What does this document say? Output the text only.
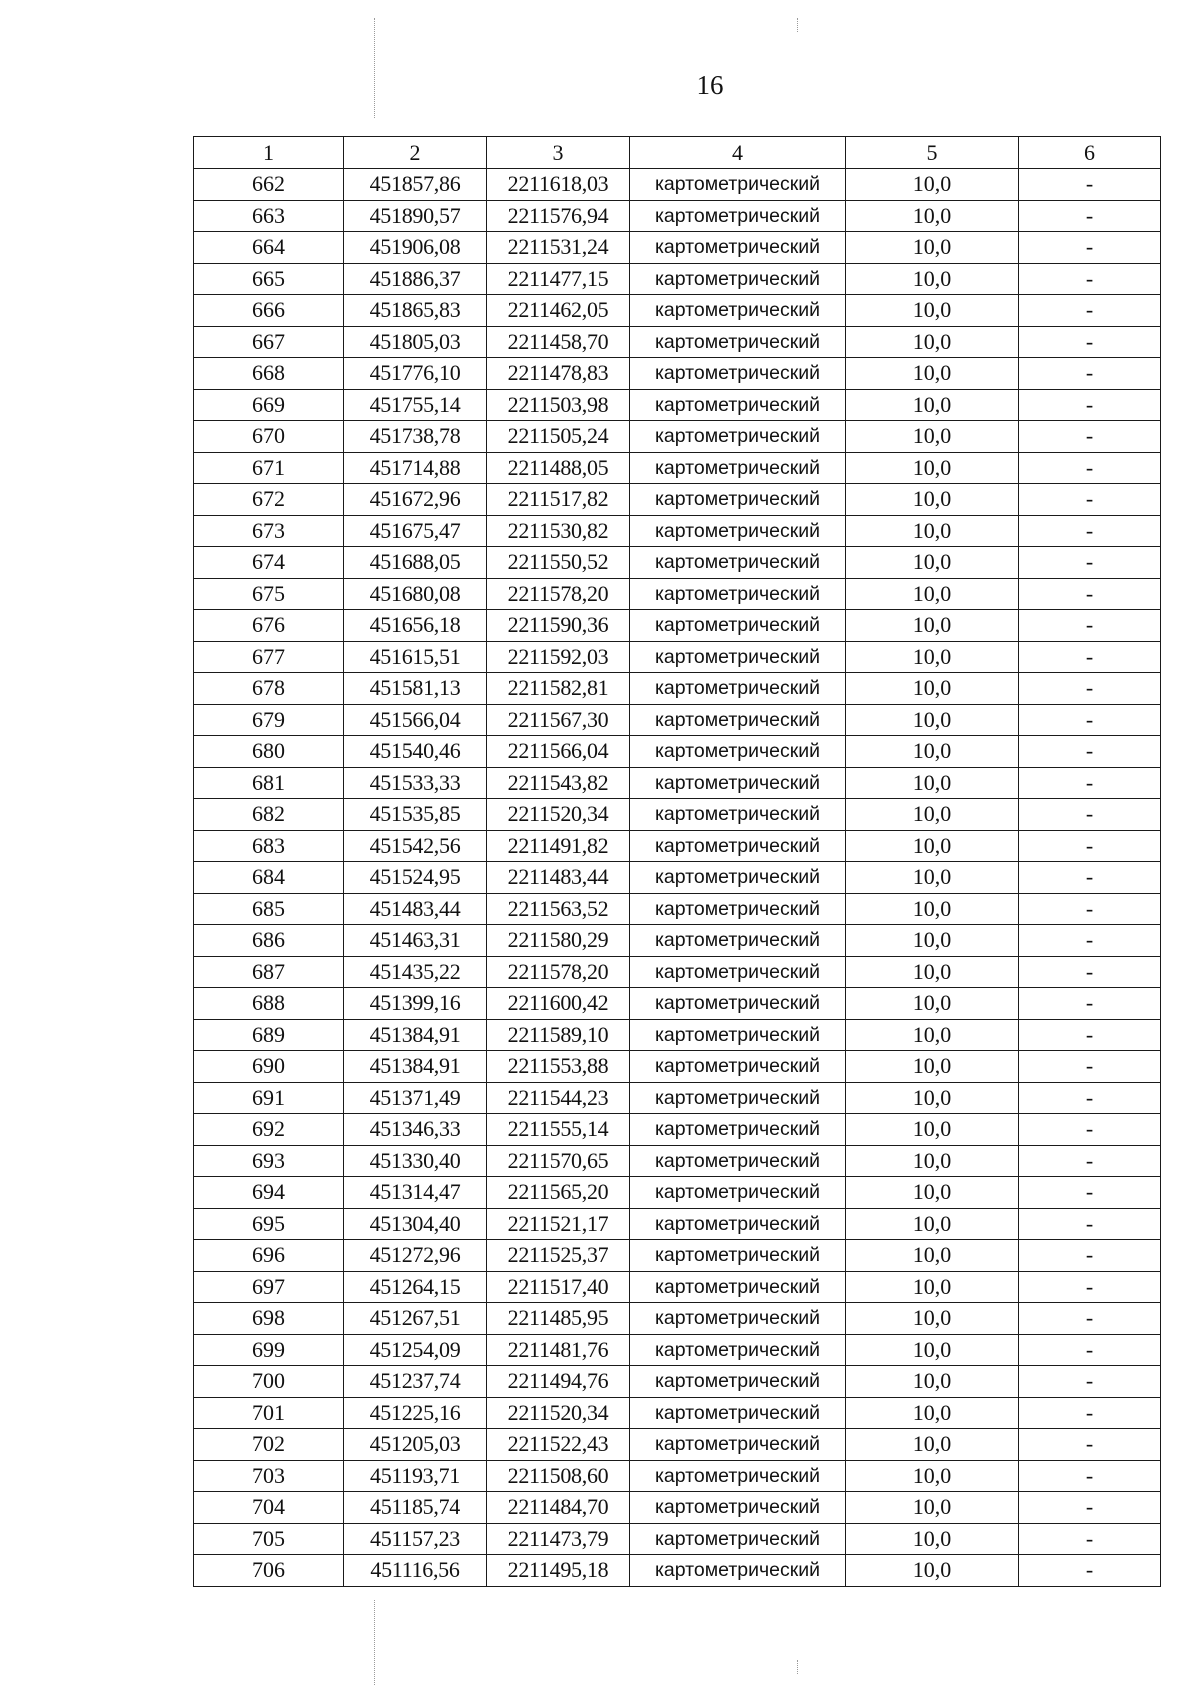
16
1	2	3	4	5	6
662	451857,86	2211618,03	картометрический	10,0	-
663	451890,57	2211576,94	картометрический	10,0	-
664	451906,08	2211531,24	картометрический	10,0	-
665	451886,37	2211477,15	картометрический	10,0	-
666	451865,83	2211462,05	картометрический	10,0	-
667	451805,03	2211458,70	картометрический	10,0	-
668	451776,10	2211478,83	картометрический	10,0	-
669	451755,14	2211503,98	картометрический	10,0	-
670	451738,78	2211505,24	картометрический	10,0	-
671	451714,88	2211488,05	картометрический	10,0	-
672	451672,96	2211517,82	картометрический	10,0	-
673	451675,47	2211530,82	картометрический	10,0	-
674	451688,05	2211550,52	картометрический	10,0	-
675	451680,08	2211578,20	картометрический	10,0	-
676	451656,18	2211590,36	картометрический	10,0	-
677	451615,51	2211592,03	картометрический	10,0	-
678	451581,13	2211582,81	картометрический	10,0	-
679	451566,04	2211567,30	картометрический	10,0	-
680	451540,46	2211566,04	картометрический	10,0	-
681	451533,33	2211543,82	картометрический	10,0	-
682	451535,85	2211520,34	картометрический	10,0	-
683	451542,56	2211491,82	картометрический	10,0	-
684	451524,95	2211483,44	картометрический	10,0	-
685	451483,44	2211563,52	картометрический	10,0	-
686	451463,31	2211580,29	картометрический	10,0	-
687	451435,22	2211578,20	картометрический	10,0	-
688	451399,16	2211600,42	картометрический	10,0	-
689	451384,91	2211589,10	картометрический	10,0	-
690	451384,91	2211553,88	картометрический	10,0	-
691	451371,49	2211544,23	картометрический	10,0	-
692	451346,33	2211555,14	картометрический	10,0	-
693	451330,40	2211570,65	картометрический	10,0	-
694	451314,47	2211565,20	картометрический	10,0	-
695	451304,40	2211521,17	картометрический	10,0	-
696	451272,96	2211525,37	картометрический	10,0	-
697	451264,15	2211517,40	картометрический	10,0	-
698	451267,51	2211485,95	картометрический	10,0	-
699	451254,09	2211481,76	картометрический	10,0	-
700	451237,74	2211494,76	картометрический	10,0	-
701	451225,16	2211520,34	картометрический	10,0	-
702	451205,03	2211522,43	картометрический	10,0	-
703	451193,71	2211508,60	картометрический	10,0	-
704	451185,74	2211484,70	картометрический	10,0	-
705	451157,23	2211473,79	картометрический	10,0	-
706	451116,56	2211495,18	картометрический	10,0	-
